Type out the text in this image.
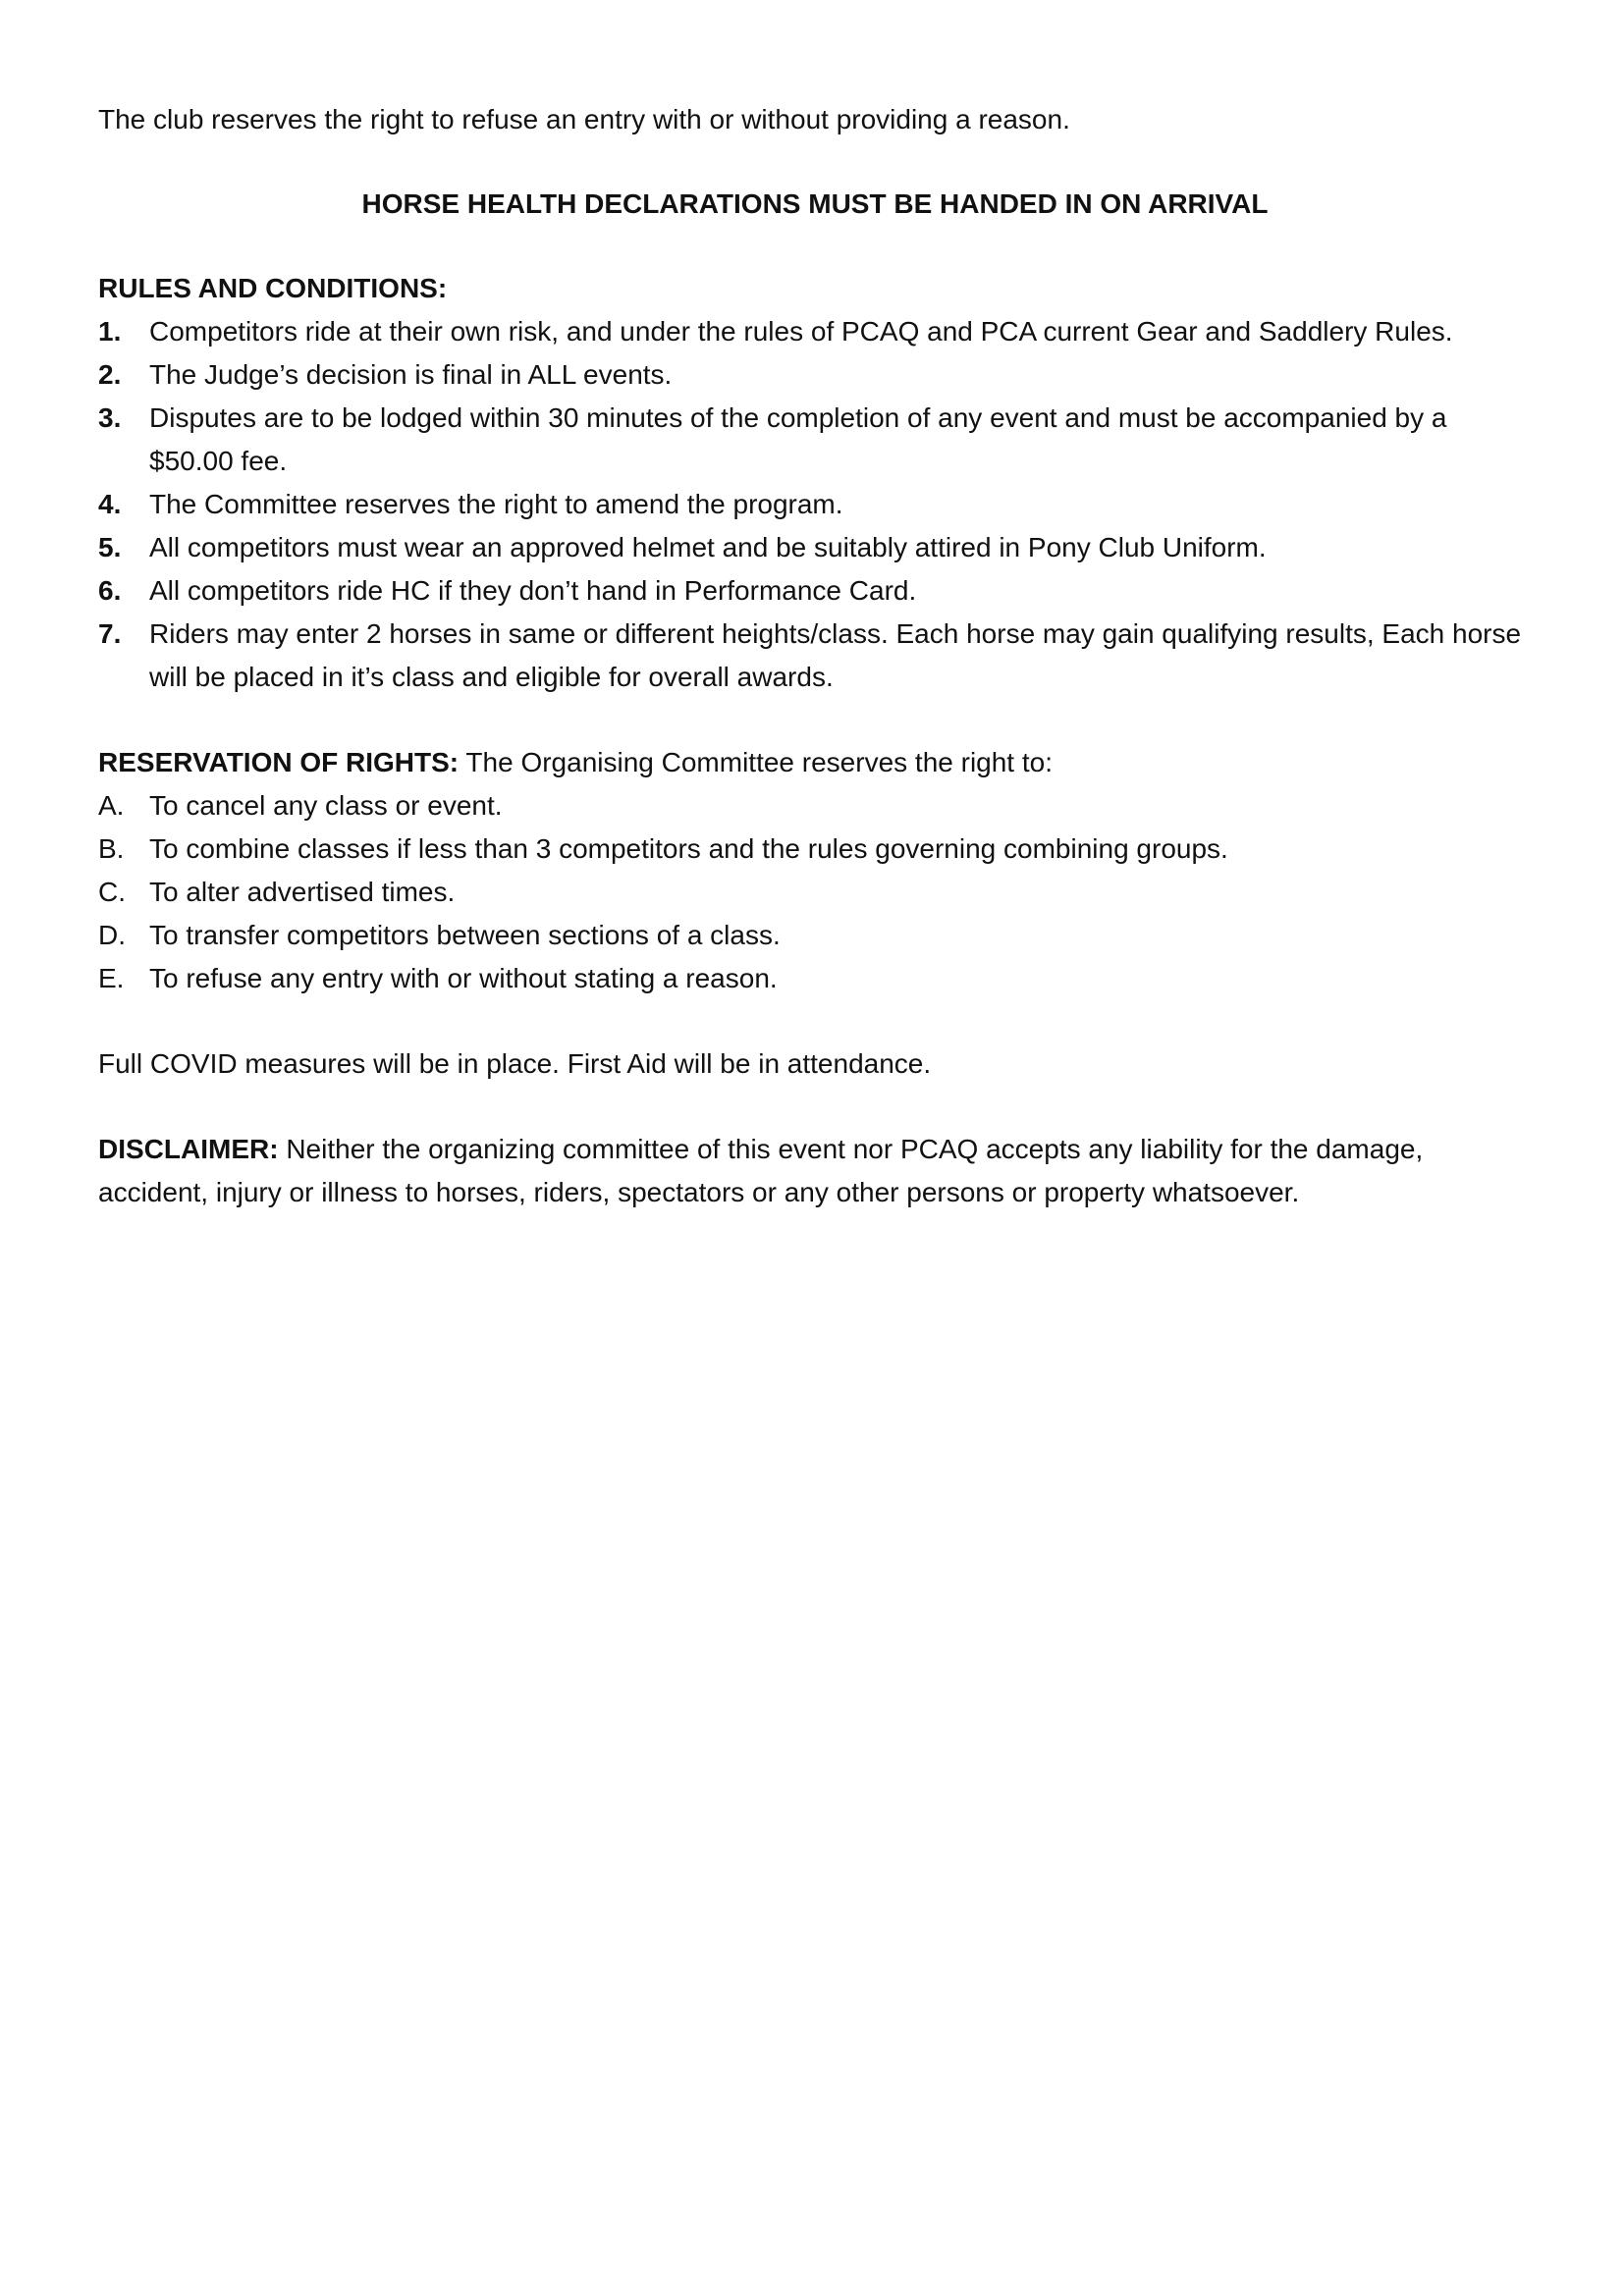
The club reserves the right to refuse an entry with or without providing a reason.

HORSE HEALTH DECLARATIONS MUST BE HANDED IN ON ARRIVAL

RULES AND CONDITIONS:

1. Competitors ride at their own risk, and under the rules of PCAQ and PCA current Gear and Saddlery Rules.
2. The Judge’s decision is final in ALL events.
3. Disputes are to be lodged within 30 minutes of the completion of any event and must be accompanied by a $50.00 fee.
4. The Committee reserves the right to amend the program.
5. All competitors must wear an approved helmet and be suitably attired in Pony Club Uniform.
6. All competitors ride HC if they don’t hand in Performance Card.
7. Riders may enter 2 horses in same or different heights/class. Each horse may gain qualifying results, Each horse will be placed in it’s class and eligible for overall awards.

RESERVATION OF RIGHTS: The Organising Committee reserves the right to:

A. To cancel any class or event.
B. To combine classes if less than 3 competitors and the rules governing combining groups.
C. To alter advertised times.
D. To transfer competitors between sections of a class.
E. To refuse any entry with or without stating a reason.

Full COVID measures will be in place. First Aid will be in attendance.

DISCLAIMER: Neither the organizing committee of this event nor PCAQ accepts any liability for the damage, accident, injury or illness to horses, riders, spectators or any other persons or property whatsoever.
